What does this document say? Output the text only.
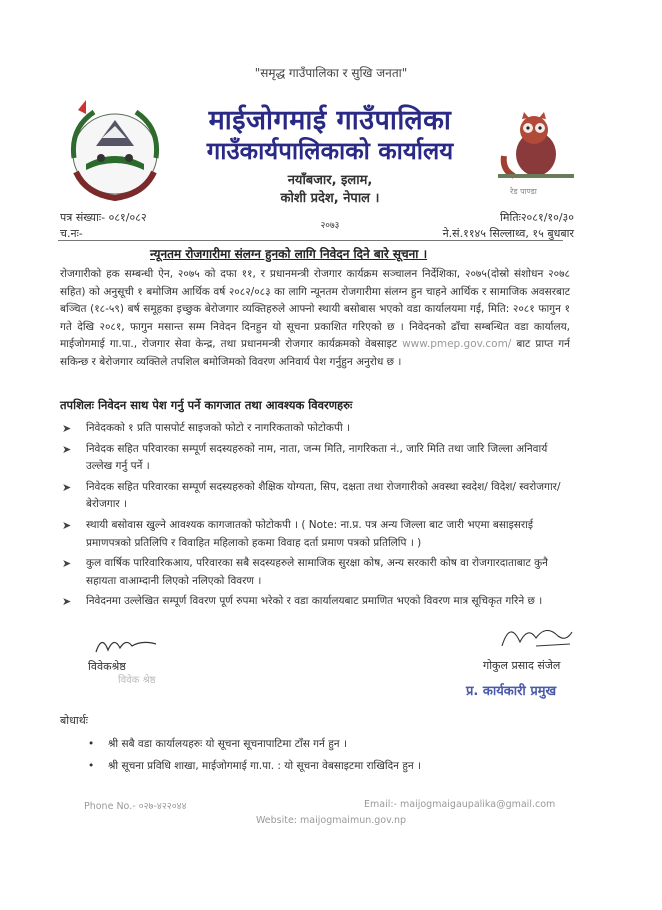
"समृद्ध गाउँपालिका र सुखि जनता"
रेड पाण्डा
माईजोगमाई गाउँपालिका
गाउँकार्यपालिकाको कार्यालय
नयाँबजार, इलाम,
कोशी प्रदेश, नेपाल ।
२०७३
पत्र संख्याः- ०८१/०८२
च.नः-
मितिः२०८१/१०/३०
ने.सं.११४५ सिल्लाथ्व, १५ बुधबार
न्यूनतम रोजगारीमा संलग्न हुनको लागि निवेदन दिने बारे सूचना ।
रोजगारीको हक सम्बन्धी ऐन, २०७५ को दफा ११, र प्रधानमन्त्री रोजगार कार्यक्रम सञ्चालन निर्देशिका, २०७५(दोस्रो संशोधन २०७८ सहित) को अनुसूची १ बमोजिम आर्थिक वर्ष २०८२/०८३ का लागि न्यूनतम रोजगारीमा संलग्न हुन चाहने आर्थिक र सामाजिक अवसरबाट बञ्चित (१८-५९) बर्ष समूहका इच्छुक बेरोजगार व्यक्तिहरुले आफ्नो स्थायी बसोबास भएको वडा कार्यालयमा गई, मिति: २०८१ फागुन १ गते देखि २०८१, फागुन मसान्त सम्म निवेदन दिनहुन यो सूचना प्रकाशित गरिएको छ । निवेदनको ढाँचा सम्बन्धित वडा कार्यालय, माईजोगमाई गा.पा., रोजगार सेवा केन्द्र, तथा प्रधानमन्त्री रोजगार कार्यक्रमको वेबसाइट www.pmep.gov.com/ बाट प्राप्त गर्न सकिन्छ र बेरोजगार व्यक्तिले तपशिल बमोजिमको विवरण अनिवार्य पेश गर्नुहुन अनुरोध छ ।
तपशिलः निवेदन साथ पेश गर्नु पर्ने कागजात तथा आवश्यक विवरणहरुः
➤ निवेदकको १ प्रति पासपोर्ट साइजको फोटो र नागरिकताको फोटोकपी ।
➤ निवेदक सहित परिवारका सम्पूर्ण सदस्यहरुको नाम, नाता, जन्म मिति, नागरिकता नं., जारि मिति तथा जारि जिल्ला अनिवार्य उल्लेख गर्नु पर्ने ।
➤ निवेदक सहित परिवारका सम्पूर्ण सदस्यहरुको शैक्षिक योग्यता, सिप, दक्षता तथा रोजगारीको अवस्था स्वदेश/ विदेश/ स्वरोजगार/ बेरोजगार ।
➤ स्थायी बसोवास खुल्ने आवश्यक कागजातको फोटोकपी । ( Note: ना.प्र. पत्र अन्य जिल्ला बाट जारी भएमा बसाइसराई प्रमाणपत्रको प्रतिलिपि र विवाहित महिलाको हकमा विवाह दर्ता प्रमाण पत्रको प्रतिलिपि । )
➤ कुल वार्षिक पारिवारिकआय, परिवारका सबै सदस्यहरुले सामाजिक सुरक्षा कोष, अन्य सरकारी कोष वा रोजगारदाताबाट कुनै सहायता वाआम्दानी लिएको नलिएको विवरण ।
➤ निवेदनमा उल्लेखित सम्पूर्ण विवरण पूर्ण रुपमा भरेको र वडा कार्यालयबाट प्रमाणित भएको विवरण मात्र सूचिकृत गरिने छ ।
विवेकश्रेष्ठ
विवेक श्रेष्ठ
गोकुल प्रसाद संजेल
प्र. कार्यकारी प्रमुख
बोधार्थः
• श्री सबै वडा कार्यालयहरुः यो सूचना सूचनापाटिमा टाँस गर्न हुन ।
• श्री सूचना प्रविधि शाखा, माईजोगमाई गा.पा. : यो सूचना वेबसाइटमा राखिदिन हुन ।
Phone No.- ०२७-४२२०४४	Email:- maijogmaigaupalika@gmail.com
Website: maijogmaimun.gov.np
